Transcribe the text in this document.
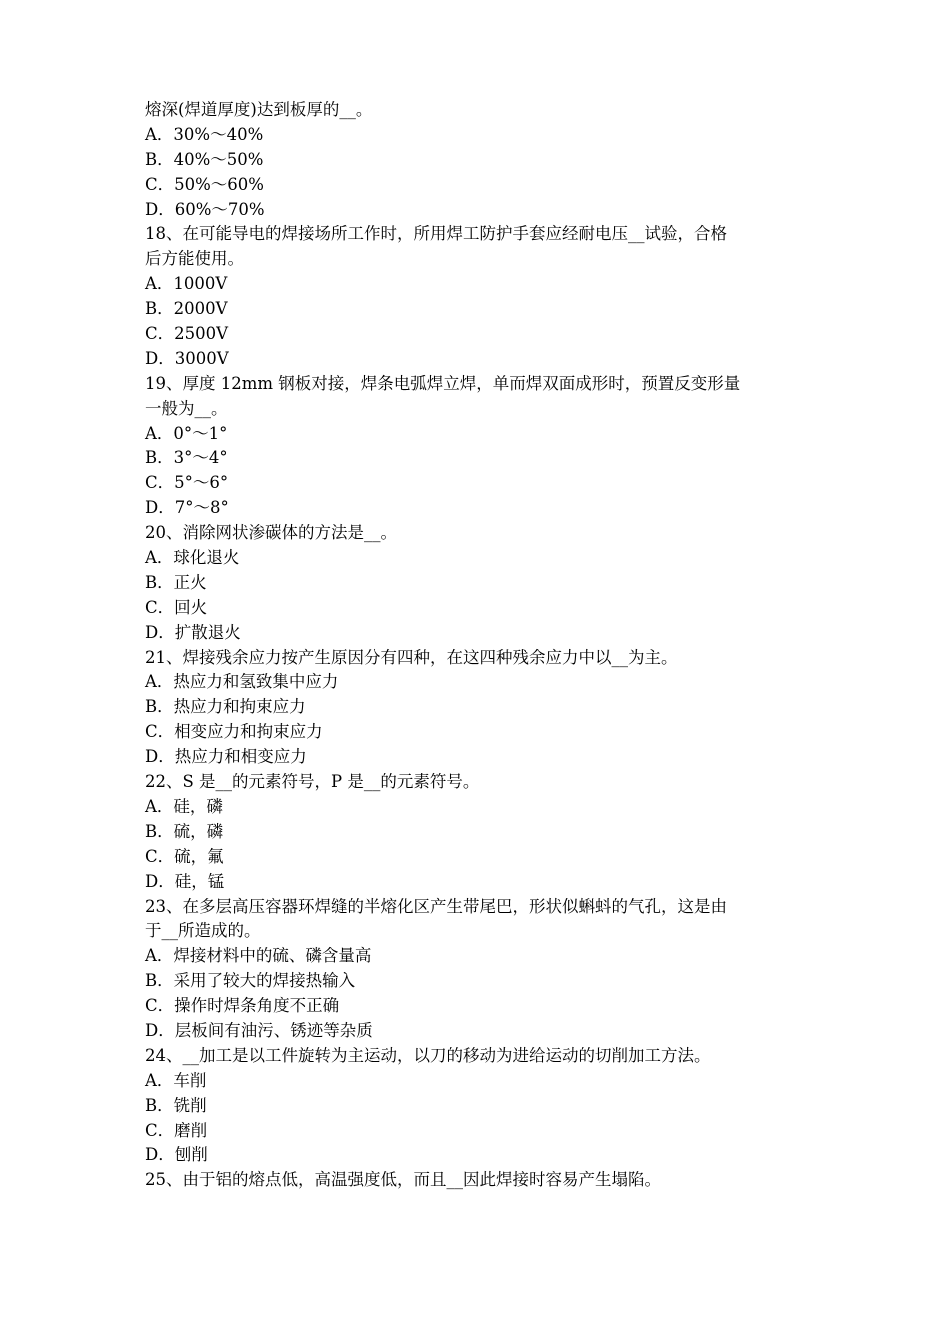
熔深(焊道厚度)达到板厚的__。
A．30%～40%
B．40%～50%
C．50%～60%
D．60%～70%
18、在可能导电的焊接场所工作时，所用焊工防护手套应经耐电压__试验，合格
后方能使用。
A．1000V
B．2000V
C．2500V
D．3000V
19、厚度 12mm 钢板对接，焊条电弧焊立焊，单而焊双面成形时，预置反变形量
一般为__。
A．0°～1°
B．3°～4°
C．5°～6°
D．7°～8°
20、消除网状渗碳体的方法是__。
A．球化退火
B．正火
C．回火
D．扩散退火
21、焊接残余应力按产生原因分有四种，在这四种残余应力中以__为主。
A．热应力和氢致集中应力
B．热应力和拘束应力
C．相变应力和拘束应力
D．热应力和相变应力
22、S 是__的元素符号，P 是__的元素符号。
A．硅，磷
B．硫，磷
C．硫，氟
D．硅，锰
23、在多层高压容器环焊缝的半熔化区产生带尾巴，形状似蝌蚪的气孔，这是由
于__所造成的。
A．焊接材料中的硫、磷含量高
B．采用了较大的焊接热输入
C．操作时焊条角度不正确
D．层板间有油污、锈迹等杂质
24、__加工是以工件旋转为主运动，以刀的移动为进给运动的切削加工方法。
A．车削
B．铣削
C．磨削
D．刨削
25、由于铝的熔点低，高温强度低，而且__因此焊接时容易产生塌陷。
